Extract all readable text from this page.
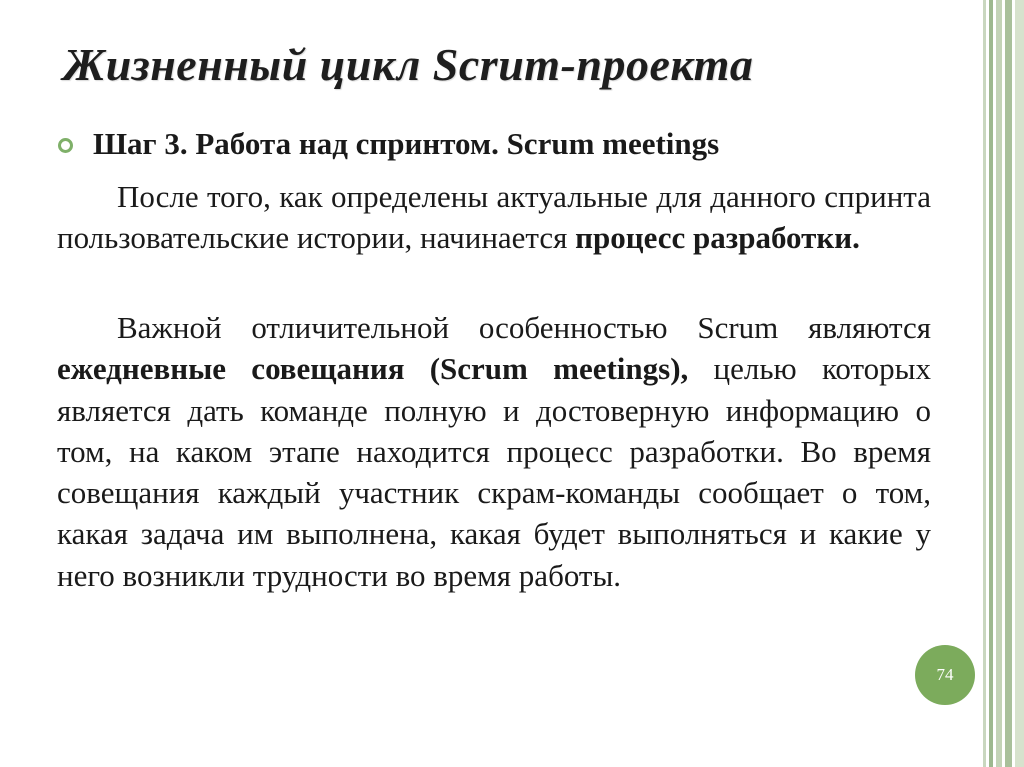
Жизненный цикл Scrum-проекта
Шаг 3. Работа над спринтом. Scrum meetings
После того, как определены актуальные для данного спринта пользовательские истории, начинается процесс разработки.
Важной отличительной особенностью Scrum являются ежедневные совещания (Scrum meetings), целью которых является дать команде полную и достоверную информацию о том, на каком этапе находится процесс разработки. Во время совещания каждый участник скрам-команды сообщает о том, какая задача им выполнена, какая будет выполняться и какие у него возникли трудности во время работы.
74
